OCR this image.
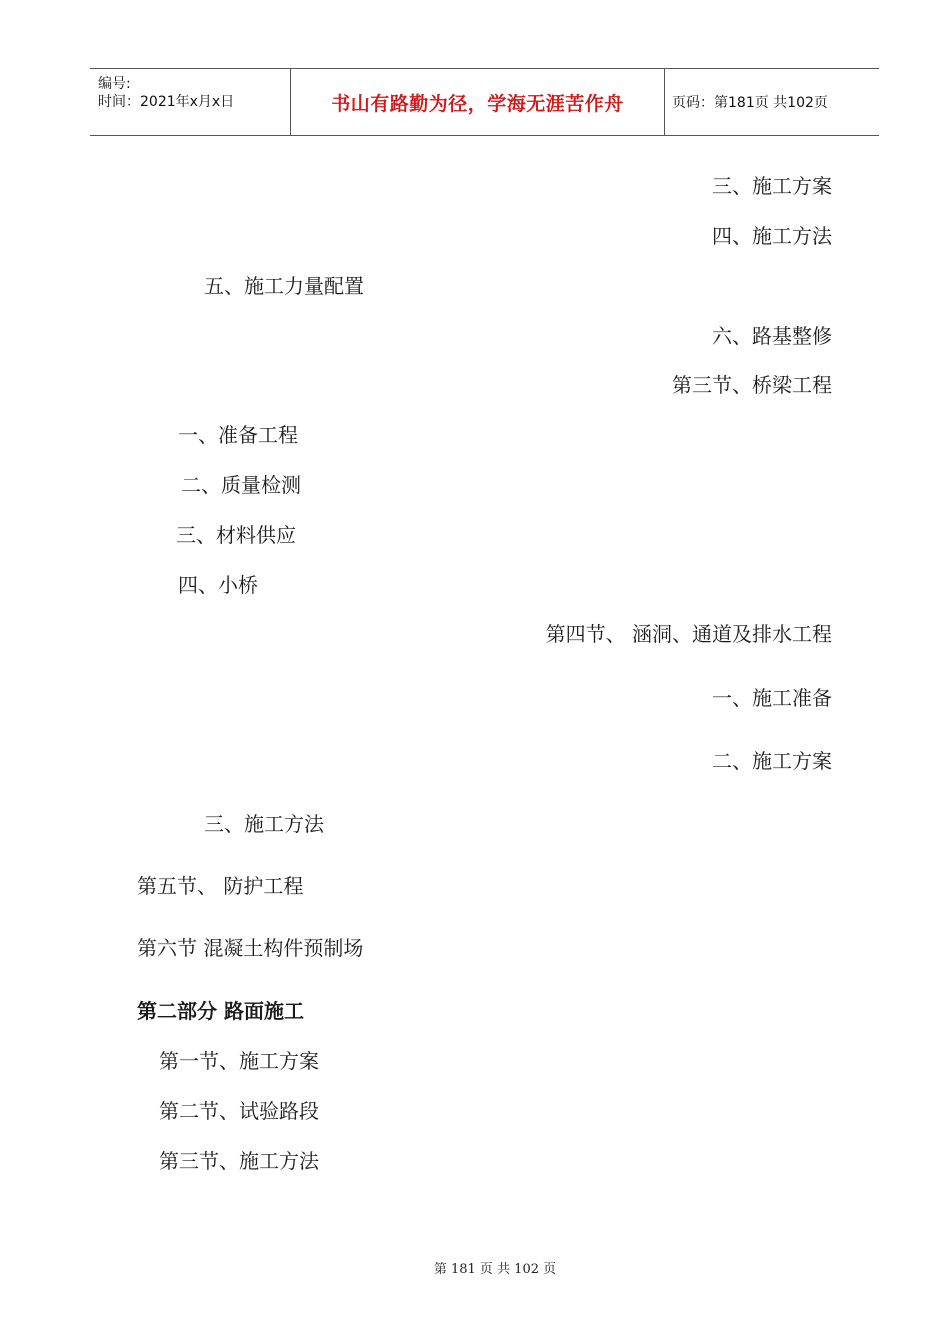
编号:
时间：2021年x月x日	书山有路勤为径，学海无涯苦作舟	页码：第181页 共102页
三、施工方案
四、施工方法
五、施工力量配置
六、路基整修
第三节、桥梁工程
一、准备工程
二、质量检测
三、材料供应
四、小桥
第四节、 涵洞、通道及排水工程
一、施工准备
二、施工方案
三、施工方法
第五节、 防护工程
第六节 混凝土构件预制场
第二部分 路面施工
第一节、施工方案
第二节、试验路段
第三节、施工方法
第 181 页 共 102 页
